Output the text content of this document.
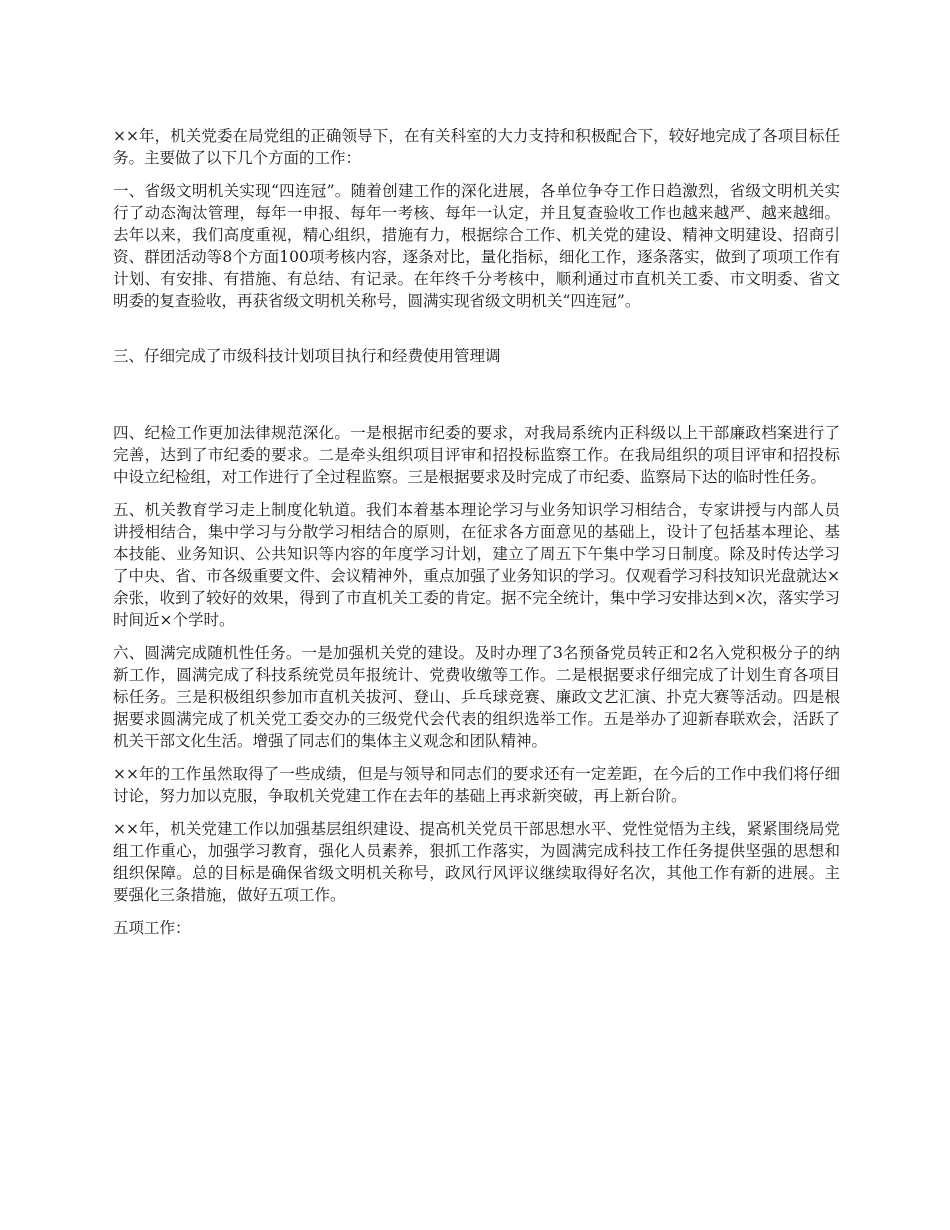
××年，机关党委在局党组的正确领导下，在有关科室的大力支持和积极配合下，较好地完成了各项目标任务。主要做了以下几个方面的工作：

一、省级文明机关实现“四连冠”。随着创建工作的深化进展，各单位争夺工作日趋激烈，省级文明机关实行了动态淘汰管理，每年一申报、每年一考核、每年一认定，并且复查验收工作也越来越严、越来越细。去年以来，我们高度重视，精心组织，措施有力，根据综合工作、机关党的建设、精神文明建设、招商引资、群团活动等8个方面100项考核内容，逐条对比，量化指标，细化工作，逐条落实，做到了项项工作有计划、有安排、有措施、有总结、有记录。在年终千分考核中，顺利通过市直机关工委、市文明委、省文明委的复查验收，再获省级文明机关称号，圆满实现省级文明机关“四连冠”。

三、仔细完成了市级科技计划项目执行和经费使用管理调

四、纪检工作更加法律规范深化。一是根据市纪委的要求，对我局系统内正科级以上干部廉政档案进行了完善，达到了市纪委的要求。二是牵头组织项目评审和招投标监察工作。在我局组织的项目评审和招投标中设立纪检组，对工作进行了全过程监察。三是根据要求及时完成了市纪委、监察局下达的临时性任务。

五、机关教育学习走上制度化轨道。我们本着基本理论学习与业务知识学习相结合，专家讲授与内部人员讲授相结合，集中学习与分散学习相结合的原则，在征求各方面意见的基础上，设计了包括基本理论、基本技能、业务知识、公共知识等内容的年度学习计划，建立了周五下午集中学习日制度。除及时传达学习了中央、省、市各级重要文件、会议精神外，重点加强了业务知识的学习。仅观看学习科技知识光盘就达×余张，收到了较好的效果，得到了市直机关工委的肯定。据不完全统计，集中学习安排达到×次，落实学习时间近×个学时。

六、圆满完成随机性任务。一是加强机关党的建设。及时办理了3名预备党员转正和2名入党积极分子的纳新工作，圆满完成了科技系统党员年报统计、党费收缴等工作。二是根据要求仔细完成了计划生育各项目标任务。三是积极组织参加市直机关拔河、登山、乒乓球竞赛、廉政文艺汇演、扑克大赛等活动。四是根据要求圆满完成了机关党工委交办的三级党代会代表的组织选举工作。五是举办了迎新春联欢会，活跃了机关干部文化生活。增强了同志们的集体主义观念和团队精神。

××年的工作虽然取得了一些成绩，但是与领导和同志们的要求还有一定差距，在今后的工作中我们将仔细讨论，努力加以克服，争取机关党建工作在去年的基础上再求新突破，再上新台阶。

××年，机关党建工作以加强基层组织建设、提高机关党员干部思想水平、党性觉悟为主线，紧紧围绕局党组工作重心，加强学习教育，强化人员素养，狠抓工作落实，为圆满完成科技工作任务提供坚强的思想和组织保障。总的目标是确保省级文明机关称号，政风行风评议继续取得好名次，其他工作有新的进展。主要强化三条措施，做好五项工作。

五项工作：
